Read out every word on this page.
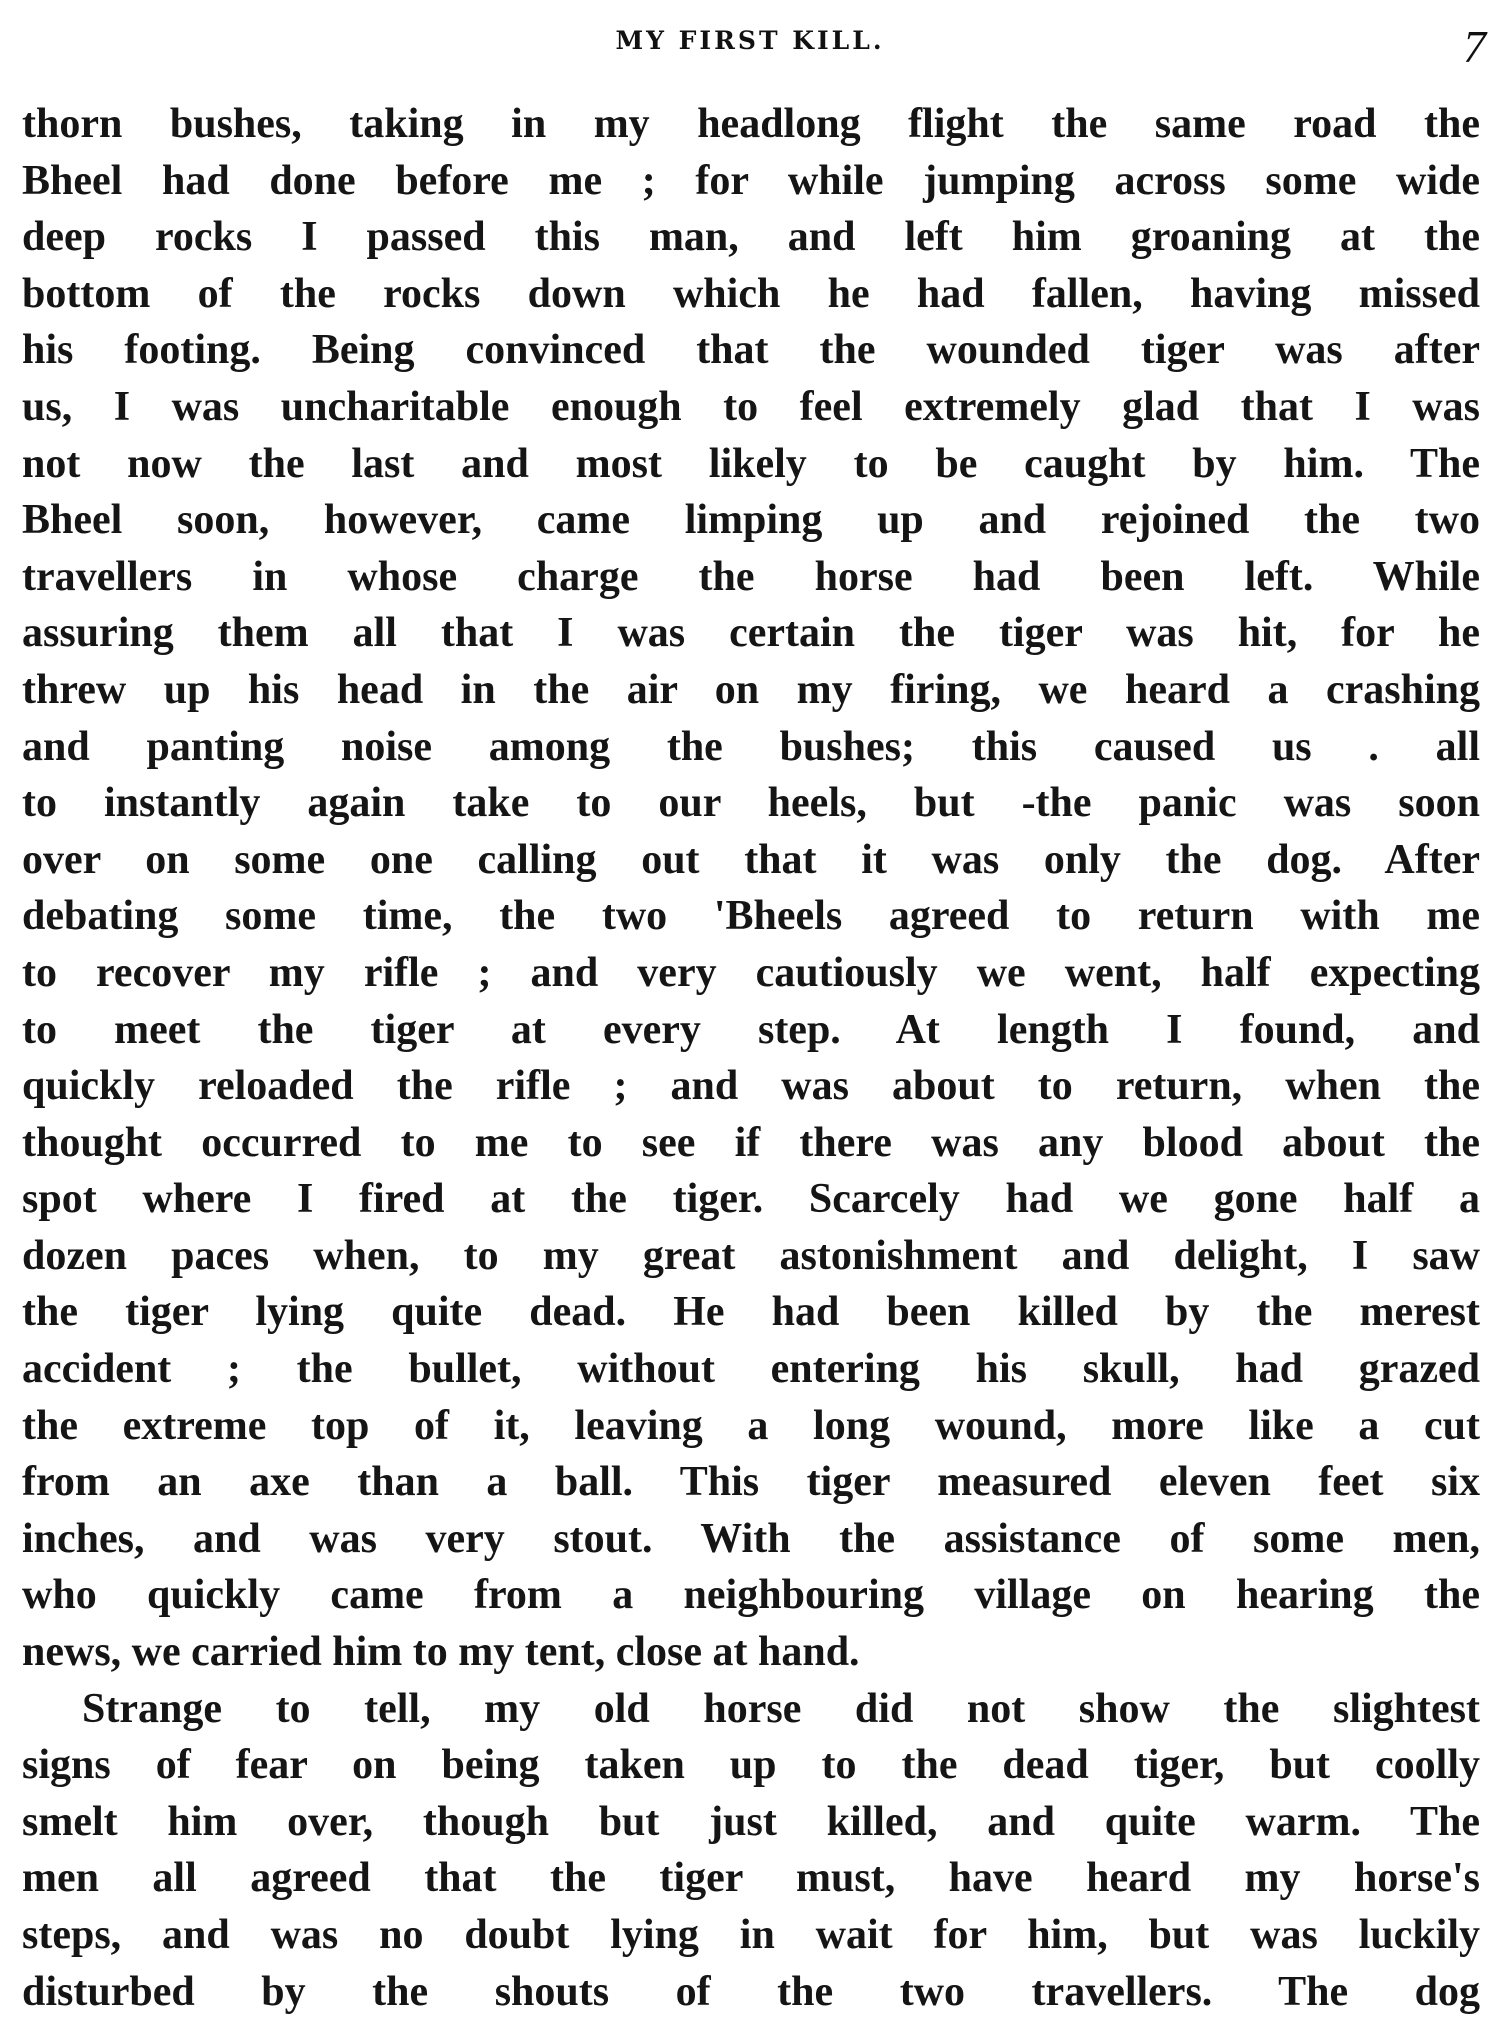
MY FIRST KILL.	7
thorn bushes, taking in my headlong flight the same road the
Bheel had done before me ; for while jumping across some wide
deep rocks I passed this man, and left him groaning at the
bottom of the rocks down which he had fallen, having missed
his footing. Being convinced that the wounded tiger was after
us, I was uncharitable enough to feel extremely glad that I was
not now the last and most likely to be caught by him. The
Bheel soon, however, came limping up and rejoined the two
travellers in whose charge the horse had been left. While
assuring them all that I was certain the tiger was hit, for he
threw up his head in the air on my firing, we heard a crashing
and panting noise among the bushes; this caused us . all
to instantly again take to our heels, but -the panic was soon
over on some one calling out that it was only the dog. After
debating some time, the two 'Bheels agreed to return with me
to recover my rifle ; and very cautiously we went, half expecting
to meet the tiger at every step. At length I found, and
quickly reloaded the rifle ; and was about to return, when the
thought occurred to me to see if there was any blood about the
spot where I fired at the tiger. Scarcely had we gone half a
dozen paces when, to my great astonishment and delight, I saw
the tiger lying quite dead. He had been killed by the merest
accident ; the bullet, without entering his skull, had grazed
the extreme top of it, leaving a long wound, more like a cut
from an axe than a ball. This tiger measured eleven feet six
inches, and was very stout. With the assistance of some men,
who quickly came from a neighbouring village on hearing the
news, we carried him to my tent, close at hand.
Strange to tell, my old horse did not show the slightest
signs of fear on being taken up to the dead tiger, but coolly
smelt him over, though but just killed, and quite warm. The
men all agreed that the tiger must, have heard my horse's
steps, and was no doubt lying in wait for him, but was luckily
disturbed by the shouts of the two travellers. The dog
